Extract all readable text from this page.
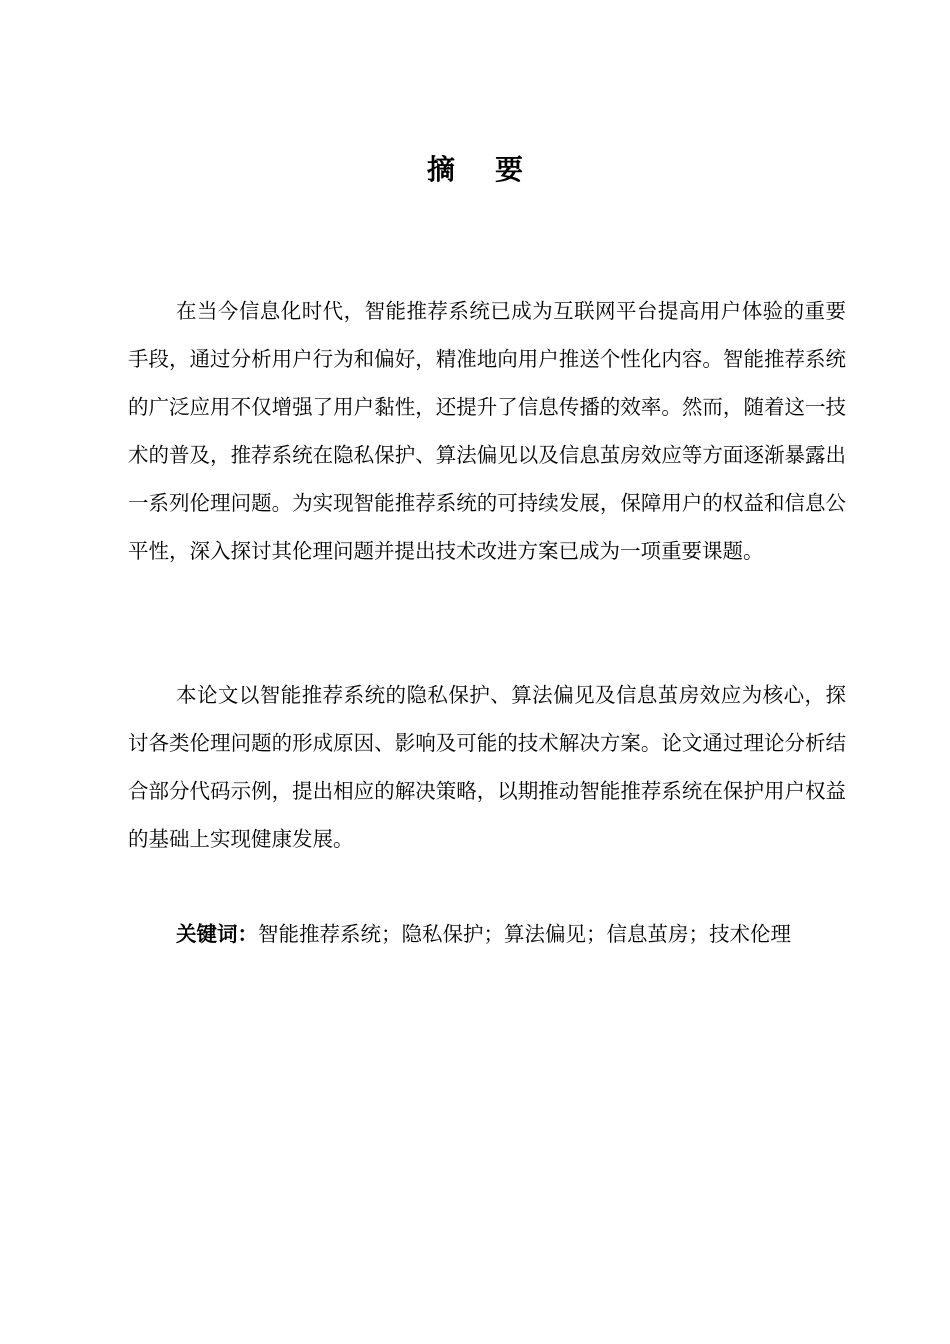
摘 要

在当今信息化时代，智能推荐系统已成为互联网平台提高用户体验的重要手段，通过分析用户行为和偏好，精准地向用户推送个性化内容。智能推荐系统的广泛应用不仅增强了用户黏性，还提升了信息传播的效率。然而，随着这一技术的普及，推荐系统在隐私保护、算法偏见以及信息茧房效应等方面逐渐暴露出一系列伦理问题。为实现智能推荐系统的可持续发展，保障用户的权益和信息公平性，深入探讨其伦理问题并提出技术改进方案已成为一项重要课题。

本论文以智能推荐系统的隐私保护、算法偏见及信息茧房效应为核心，探讨各类伦理问题的形成原因、影响及可能的技术解决方案。论文通过理论分析结合部分代码示例，提出相应的解决策略，以期推动智能推荐系统在保护用户权益的基础上实现健康发展。

关键词：智能推荐系统；隐私保护；算法偏见；信息茧房；技术伦理
